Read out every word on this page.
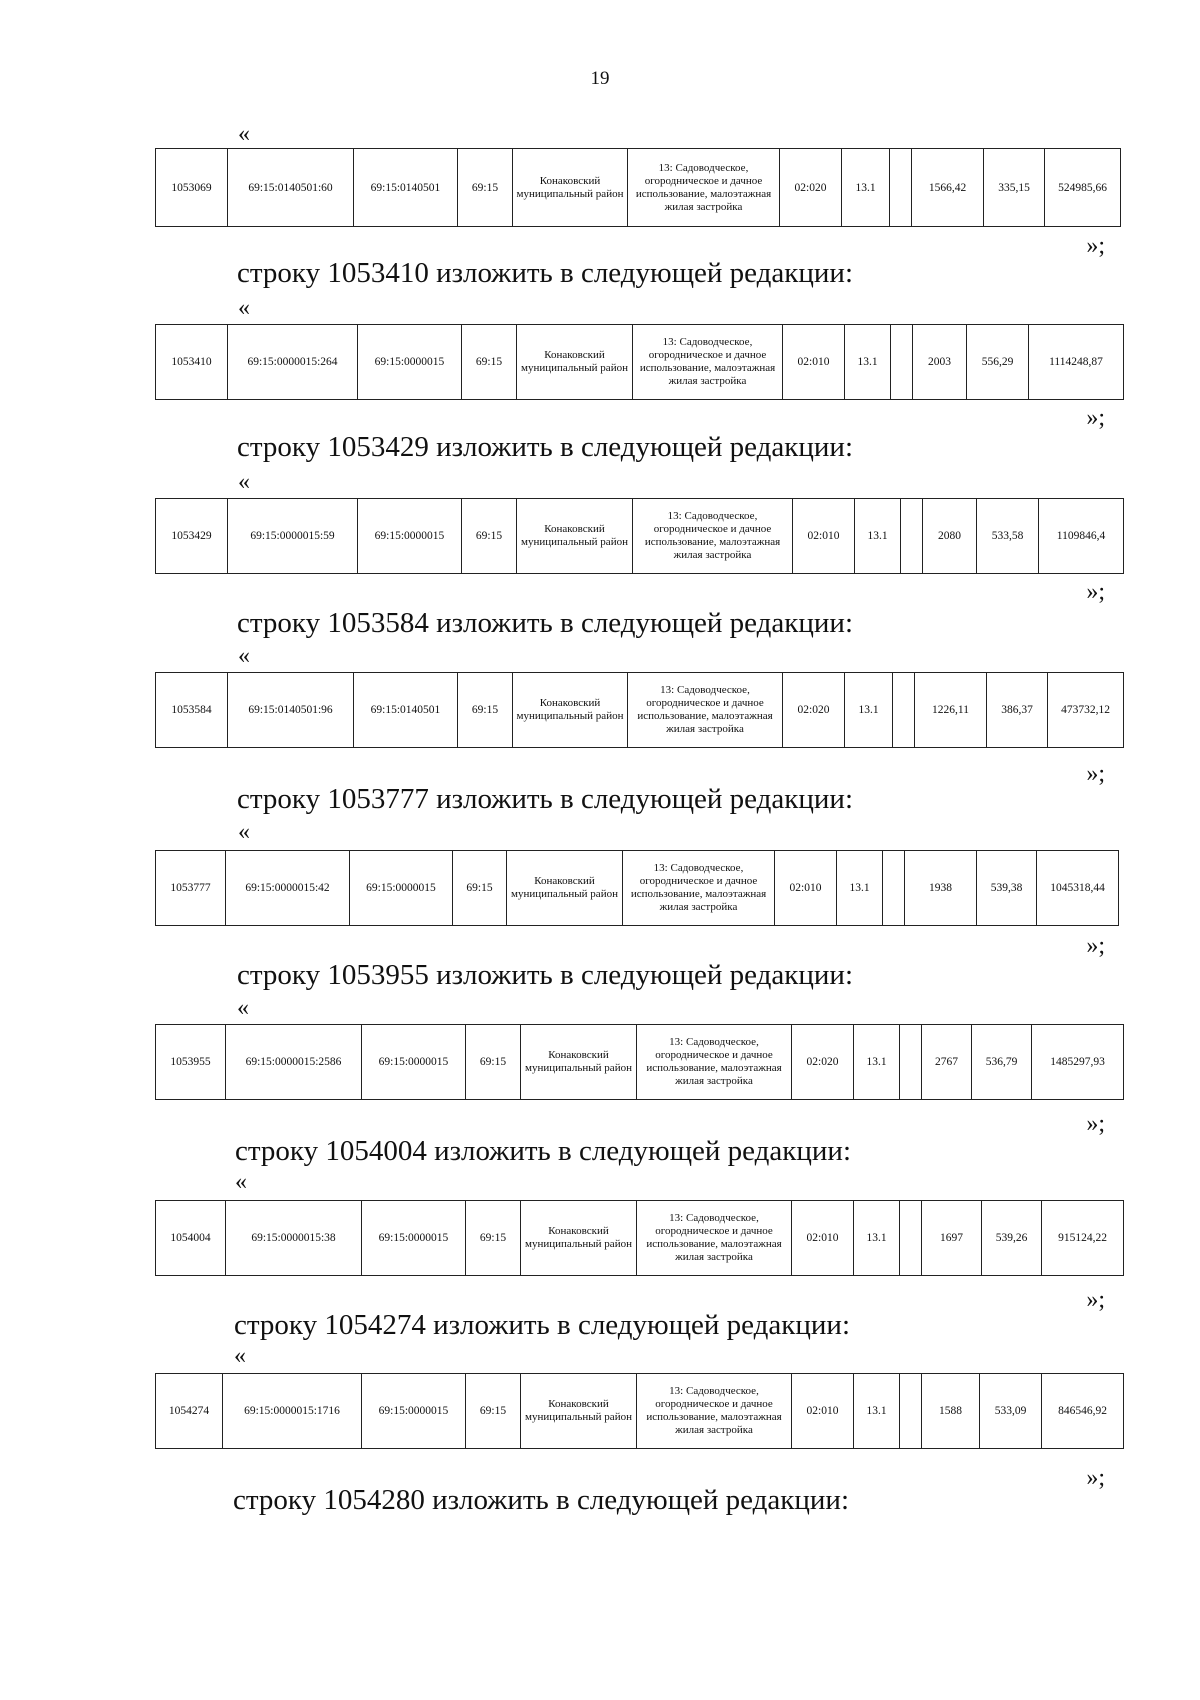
19
«
1053069	69:15:0140501:60	69:15:0140501	69:15	Конаковский муниципальный район	13: Садоводческое, огородническое и дачное использование, малоэтажная жилая застройка	02:020	13.1		1566,42	335,15	524985,66
»;
строку 1053410 изложить в следующей редакции:
«
1053410	69:15:0000015:264	69:15:0000015	69:15	Конаковский муниципальный район	13: Садоводческое, огородническое и дачное использование, малоэтажная жилая застройка	02:010	13.1		2003	556,29	1114248,87
»;
строку 1053429 изложить в следующей редакции:
«
1053429	69:15:0000015:59	69:15:0000015	69:15	Конаковский муниципальный район	13: Садоводческое, огородническое и дачное использование, малоэтажная жилая застройка	02:010	13.1		2080	533,58	1109846,4
»;
строку 1053584 изложить в следующей редакции:
«
1053584	69:15:0140501:96	69:15:0140501	69:15	Конаковский муниципальный район	13: Садоводческое, огородническое и дачное использование, малоэтажная жилая застройка	02:020	13.1		1226,11	386,37	473732,12
»;
строку 1053777 изложить в следующей редакции:
«
1053777	69:15:0000015:42	69:15:0000015	69:15	Конаковский муниципальный район	13: Садоводческое, огородническое и дачное использование, малоэтажная жилая застройка	02:010	13.1		1938	539,38	1045318,44
»;
строку 1053955 изложить в следующей редакции:
«
1053955	69:15:0000015:2586	69:15:0000015	69:15	Конаковский муниципальный район	13: Садоводческое, огородническое и дачное использование, малоэтажная жилая застройка	02:020	13.1		2767	536,79	1485297,93
»;
строку 1054004 изложить в следующей редакции:
«
1054004	69:15:0000015:38	69:15:0000015	69:15	Конаковский муниципальный район	13: Садоводческое, огородническое и дачное использование, малоэтажная жилая застройка	02:010	13.1		1697	539,26	915124,22
»;
строку 1054274 изложить в следующей редакции:
«
1054274	69:15:0000015:1716	69:15:0000015	69:15	Конаковский муниципальный район	13: Садоводческое, огородническое и дачное использование, малоэтажная жилая застройка	02:010	13.1		1588	533,09	846546,92
»;
строку 1054280 изложить в следующей редакции:
